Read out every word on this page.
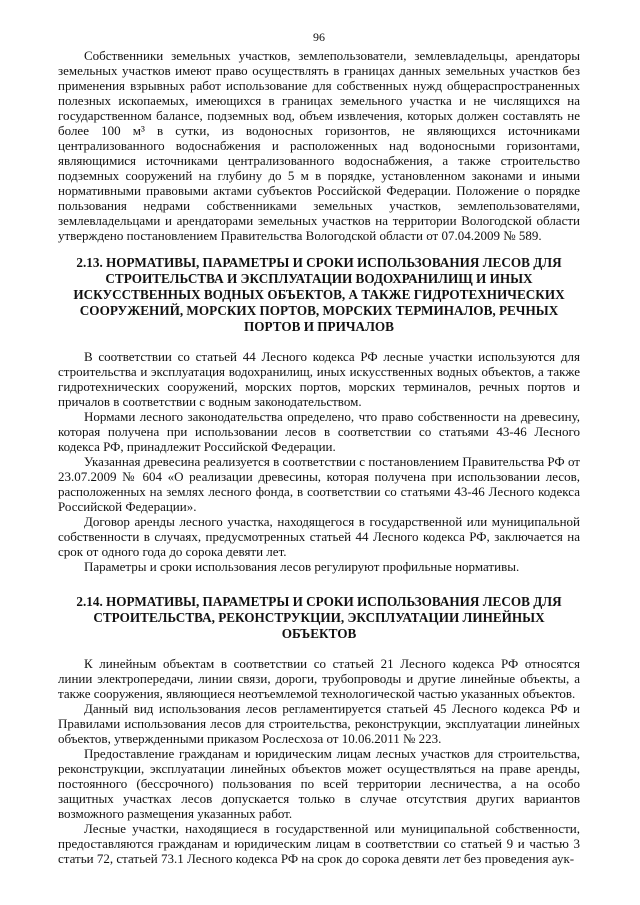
96

Собственники земельных участков, землепользователи, землевладельцы, арендаторы земельных участков имеют право осуществлять в границах данных земельных участков без применения взрывных работ использование для собственных нужд общераспространенных полезных ископаемых, имеющихся в границах земельного участка и не числящихся на государственном балансе, подземных вод, объем извлечения, которых должен составлять не более 100 м³ в сутки, из водоносных горизонтов, не являющихся источниками централизованного водоснабжения и расположенных над водоносными горизонтами, являющимися источниками централизованного водоснабжения, а также строительство подземных сооружений на глубину до 5 м в порядке, установленном законами и иными нормативными правовыми актами субъектов Российской Федерации. Положение о порядке пользования недрами собственниками земельных участков, землепользователями, землевладельцами и арендаторами земельных участков на территории Вологодской области утверждено постановлением Правительства Вологодской области от 07.04.2009 № 589.

2.13. НОРМАТИВЫ, ПАРАМЕТРЫ И СРОКИ ИСПОЛЬЗОВАНИЯ ЛЕСОВ ДЛЯ СТРОИТЕЛЬСТВА И ЭКСПЛУАТАЦИИ ВОДОХРАНИЛИЩ И ИНЫХ ИСКУССТВЕННЫХ ВОДНЫХ ОБЪЕКТОВ, А ТАКЖЕ ГИДРОТЕХНИЧЕСКИХ СООРУЖЕНИЙ, МОРСКИХ ПОРТОВ, МОРСКИХ ТЕРМИНАЛОВ, РЕЧНЫХ ПОРТОВ И ПРИЧАЛОВ

В соответствии со статьей 44 Лесного кодекса РФ лесные участки используются для строительства и эксплуатация водохранилищ, иных искусственных водных объектов, а также гидротехнических сооружений, морских портов, морских терминалов, речных портов и причалов в соответствии с водным законодательством.

Нормами лесного законодательства определено, что право собственности на древесину, которая получена при использовании лесов в соответствии со статьями 43-46 Лесного кодекса РФ, принадлежит Российской Федерации.

Указанная древесина реализуется в соответствии с постановлением Правительства РФ от 23.07.2009 № 604 «О реализации древесины, которая получена при использовании лесов, расположенных на землях лесного фонда, в соответствии со статьями 43-46 Лесного кодекса Российской Федерации».

Договор аренды лесного участка, находящегося в государственной или муниципальной собственности в случаях, предусмотренных статьей 44 Лесного кодекса РФ, заключается на срок от одного года до сорока девяти лет.

Параметры и сроки использования лесов регулируют профильные нормативы.

2.14. НОРМАТИВЫ, ПАРАМЕТРЫ И СРОКИ ИСПОЛЬЗОВАНИЯ ЛЕСОВ ДЛЯ СТРОИТЕЛЬСТВА, РЕКОНСТРУКЦИИ, ЭКСПЛУАТАЦИИ ЛИНЕЙНЫХ ОБЪЕКТОВ

К линейным объектам в соответствии со статьей 21 Лесного кодекса РФ относятся линии электропередачи, линии связи, дороги, трубопроводы и другие линейные объекты, а также сооружения, являющиеся неотъемлемой технологической частью указанных объектов.

Данный вид использования лесов регламентируется статьей 45 Лесного кодекса РФ и Правилами использования лесов для строительства, реконструкции, эксплуатации линейных объектов, утвержденными приказом Рослесхоза от 10.06.2011 № 223.

Предоставление гражданам и юридическим лицам лесных участков для строительства, реконструкции, эксплуатации линейных объектов может осуществляться на праве аренды, постоянного (бессрочного) пользования по всей территории лесничества, а на особо защитных участках лесов допускается только в случае отсутствия других вариантов возможного размещения указанных работ.

Лесные участки, находящиеся в государственной или муниципальной собственности, предоставляются гражданам и юридическим лицам в соответствии со статьей 9 и частью 3 статьи 72, статьей 73.1 Лесного кодекса РФ на срок до сорока девяти лет без проведения аук-
